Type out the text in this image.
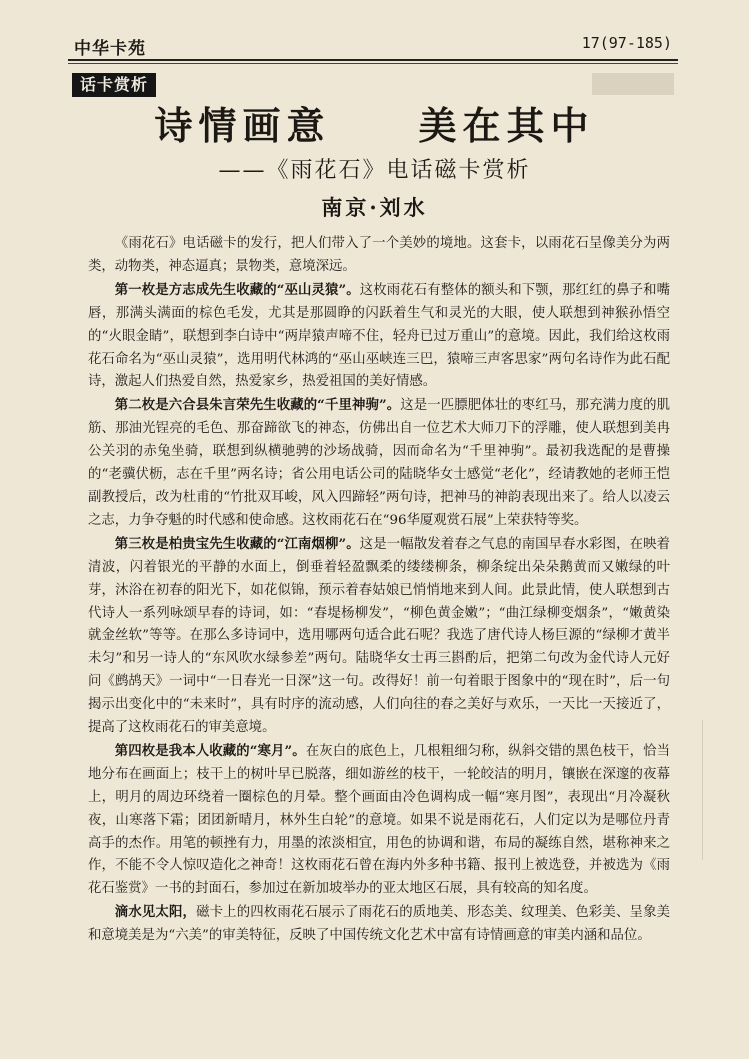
中华卡苑	17(97-185)
话卡赏析
诗情画意　　美在其中
——《雨花石》电话磁卡赏析
南京·刘水

《雨花石》电话磁卡的发行，把人们带入了一个美妙的境地。这套卡，以雨花石呈像美分为两类，动物类，神态逼真；景物类，意境深远。

第一枚是方志成先生收藏的“巫山灵猿”。这枚雨花石有整体的额头和下颚，那红红的鼻子和嘴唇，那满头满面的棕色毛发，尤其是那圆睁的闪跃着生气和灵光的大眼，使人联想到神猴孙悟空的“火眼金睛”，联想到李白诗中“两岸猿声啼不住，轻舟已过万重山”的意境。因此，我们给这枚雨花石命名为“巫山灵猿”，选用明代林鸿的“巫山巫峡连三巴，猿啼三声客思家”两句名诗作为此石配诗，激起人们热爱自然，热爱家乡，热爱祖国的美好情感。

第二枚是六合县朱言荣先生收藏的“千里神驹”。这是一匹膘肥体壮的枣红马，那充满力度的肌筋、那油光锃亮的毛色、那奋蹄欲飞的神态，仿佛出自一位艺术大师刀下的浮雕，使人联想到美冉公关羽的赤兔坐骑，联想到纵横驰骋的沙场战骑，因而命名为“千里神驹”。最初我选配的是曹操的“老骥伏枥，志在千里”两名诗；省公用电话公司的陆晓华女士感觉“老化”，经请教她的老师王恺副教授后，改为杜甫的“竹批双耳峻，风入四蹄轻”两句诗，把神马的神韵表现出来了。给人以凌云之志，力争夺魁的时代感和使命感。这枚雨花石在“96华厦观赏石展”上荣获特等奖。

第三枚是柏贵宝先生收藏的“江南烟柳”。这是一幅散发着春之气息的南国早春水彩图，在映着清波，闪着银光的平静的水面上，倒垂着轻盈飘柔的缕缕柳条，柳条绽出朵朵鹅黄而又嫩绿的叶芽，沐浴在初春的阳光下，如花似锦，预示着春姑娘已悄悄地来到人间。此景此情，使人联想到古代诗人一系列咏颂早春的诗词，如：“春堤杨柳发”，“柳色黄金嫩”；“曲江绿柳变烟条”，“嫩黄染就金丝软”等等。在那么多诗词中，选用哪两句适合此石呢？我选了唐代诗人杨巨源的“绿柳才黄半未匀”和另一诗人的“东风吹水绿参差”两句。陆晓华女士再三斟酌后，把第二句改为金代诗人元好问《鹧鸪天》一词中“一日春光一日深”这一句。改得好！前一句着眼于图象中的“现在时”，后一句揭示出变化中的“未来时”，具有时序的流动感，人们向往的春之美好与欢乐，一天比一天接近了，提高了这枚雨花石的审美意境。

第四枚是我本人收藏的“寒月”。在灰白的底色上，几根粗细匀称，纵斜交错的黑色枝干，恰当地分布在画面上；枝干上的树叶早已脱落，细如游丝的枝干，一轮皎洁的明月，镶嵌在深邃的夜幕上，明月的周边环绕着一圈棕色的月晕。整个画面由冷色调构成一幅“寒月图”，表现出“月冷凝秋夜，山寒落下霜；团团新晴月，林外生白轮”的意境。如果不说是雨花石，人们定以为是哪位丹青高手的杰作。用笔的顿挫有力，用墨的浓淡相宜，用色的协调和谐，布局的凝练自然，堪称神来之作，不能不令人惊叹造化之神奇！这枚雨花石曾在海内外多种书籍、报刊上被选登，并被选为《雨花石鉴赏》一书的封面石，参加过在新加坡举办的亚太地区石展，具有较高的知名度。

滴水见太阳，磁卡上的四枚雨花石展示了雨花石的质地美、形态美、纹理美、色彩美、呈象美和意境美是为“六美”的审美特征，反映了中国传统文化艺术中富有诗情画意的审美内涵和品位。
